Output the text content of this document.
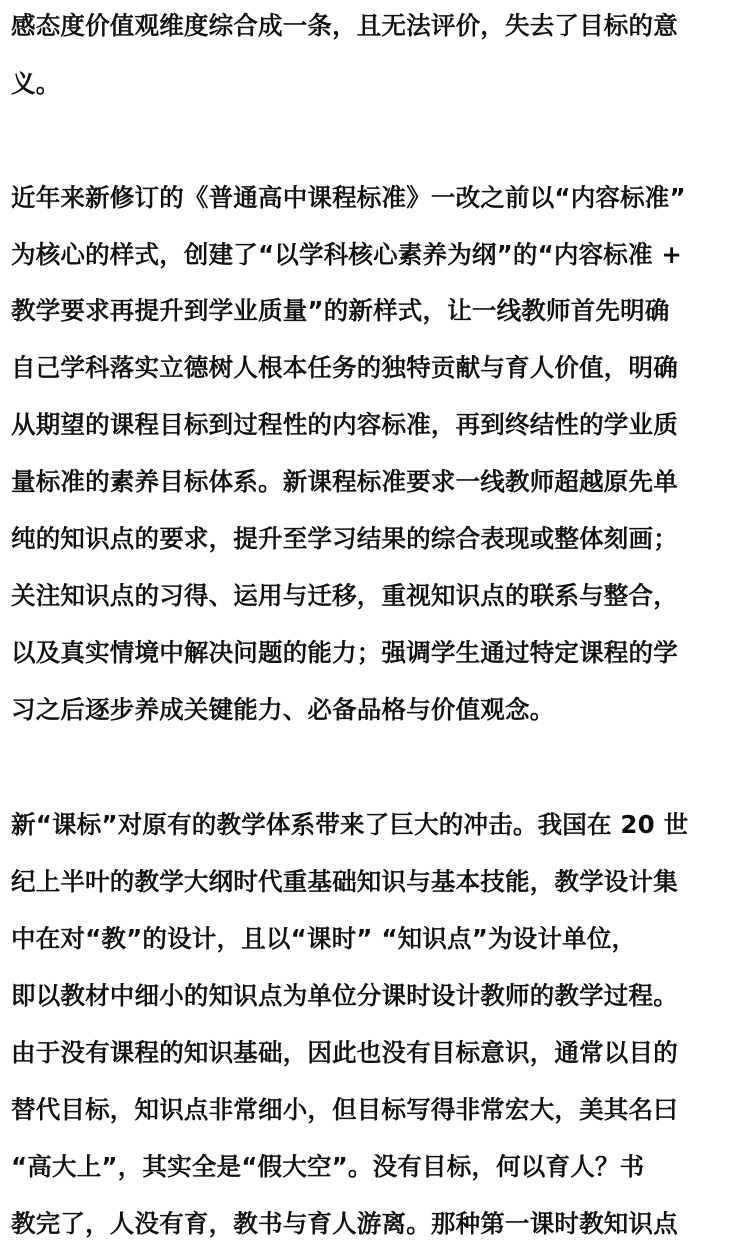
感态度价值观维度综合成一条，且无法评价，失去了目标的意
义。
近年来新修订的《普通高中课程标准》一改之前以“内容标准”
为核心的样式，创建了“以学科核心素养为纲”的“内容标准 +
教学要求再提升到学业质量”的新样式，让一线教师首先明确
自己学科落实立德树人根本任务的独特贡献与育人价值，明确
从期望的课程目标到过程性的内容标准，再到终结性的学业质
量标准的素养目标体系。新课程标准要求一线教师超越原先单
纯的知识点的要求，提升至学习结果的综合表现或整体刻画；
关注知识点的习得、运用与迁移，重视知识点的联系与整合，
以及真实情境中解决问题的能力；强调学生通过特定课程的学
习之后逐步养成关键能力、必备品格与价值观念。
新“课标”对原有的教学体系带来了巨大的冲击。我国在 20 世
纪上半叶的教学大纲时代重基础知识与基本技能，教学设计集
中在对“教”的设计，且以“课时” “知识点”为设计单位，
即以教材中细小的知识点为单位分课时设计教师的教学过程。
由于没有课程的知识基础，因此也没有目标意识，通常以目的
替代目标，知识点非常细小，但目标写得非常宏大，美其名曰
“高大上”，其实全是“假大空”。没有目标，何以育人？书
教完了，人没有育，教书与育人游离。那种第一课时教知识点
